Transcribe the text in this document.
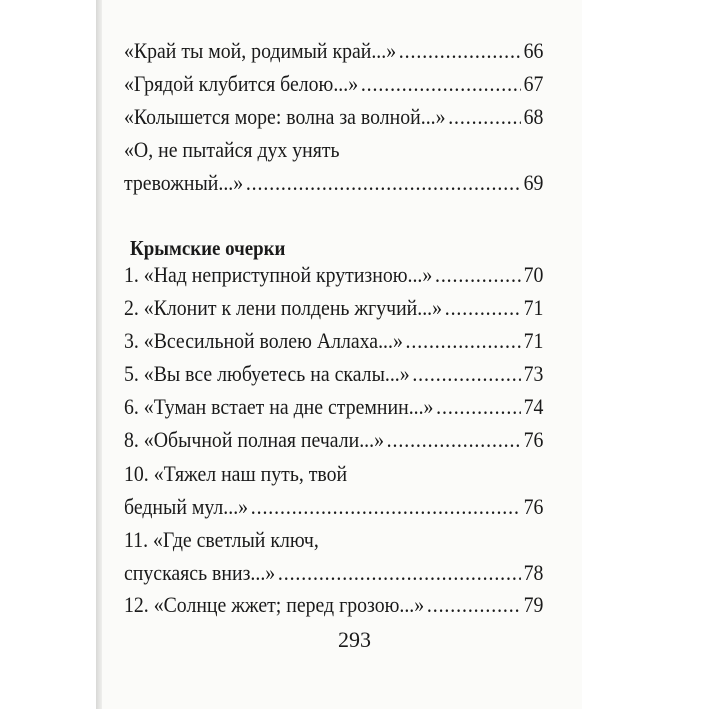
«Край ты мой, родимый край...» .....	66
«Грядой клубится белою...» .....	67
«Колышется море: волна за волной...» .....	68
«О, не пытайся дух унять
тревожный...» .....	69
Крымские очерки
1. «Над неприступной крутизною...» .....	70
2. «Клонит к лени полдень жгучий...» .....	71
3. «Всесильной волею Аллаха...» .....	71
5. «Вы все любуетесь на скалы...» .....	73
6. «Туман встает на дне стремнин...» .....	74
8. «Обычной полная печали...» .....	76
10. «Тяжел наш путь, твой
бедный мул...» .....	76
11. «Где светлый ключ,
спускаясь вниз...» .....	78
12. «Солнце жжет; перед грозою...» .....	79
293
